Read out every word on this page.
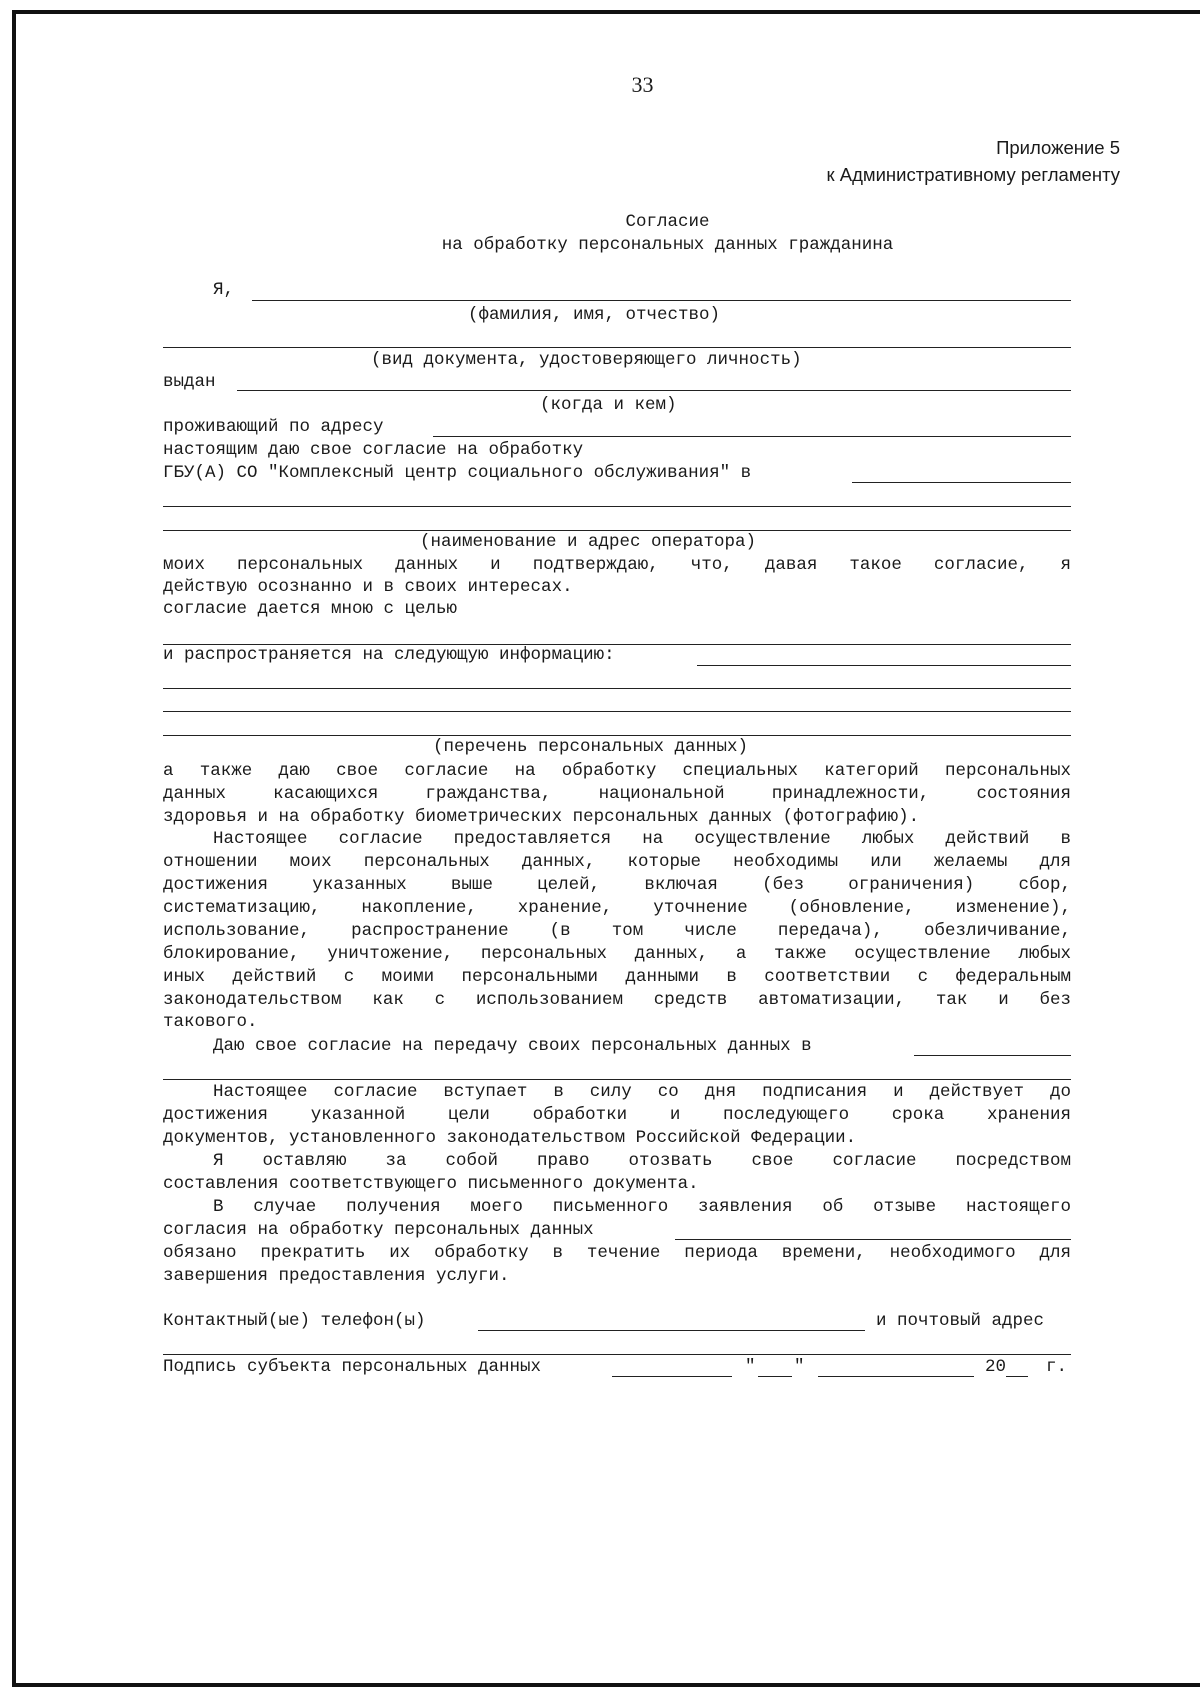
33
Приложение 5
к Административному регламенту
Согласие
на обработку персональных данных гражданина
Я,
(фамилия, имя, отчество)
(вид документа, удостоверяющего личность)
выдан
(когда и кем)
проживающий по адресу
настоящим даю свое согласие на обработку
ГБУ(А) СО "Комплексный центр социального обслуживания" в
(наименование и адрес оператора)
моих персональных данных и подтверждаю, что, давая такое согласие, я
действую осознанно и в своих интересах.
согласие дается мною с целью
и распространяется на следующую информацию:
(перечень персональных данных)
а также даю свое согласие на обработку специальных категорий персональных
данных касающихся гражданства, национальной принадлежности, состояния
здоровья и на обработку биометрических персональных данных (фотографию).
Настоящее согласие предоставляется на осуществление любых действий в
отношении моих персональных данных, которые необходимы или желаемы для
достижения указанных выше целей, включая (без ограничения) сбор,
систематизацию, накопление, хранение, уточнение (обновление, изменение),
использование, распространение (в том числе передача), обезличивание,
блокирование, уничтожение, персональных данных, а также осуществление любых
иных действий с моими персональными данными в соответствии с федеральным
законодательством как с использованием средств автоматизации, так и без
такового.
Даю свое согласие на передачу своих персональных данных в
Настоящее согласие вступает в силу со дня подписания и действует до
достижения указанной цели обработки и последующего срока хранения
документов, установленного законодательством Российской Федерации.
Я оставляю за собой право отозвать свое согласие посредством
составления соответствующего письменного документа.
В случае получения моего письменного заявления об отзыве настоящего
согласия на обработку персональных данных
обязано прекратить их обработку в течение периода времени, необходимого для
завершения предоставления услуги.
Контактный(ые) телефон(ы)	и почтовый адрес
Подпись субъекта персональных данных	" "	20 г.
